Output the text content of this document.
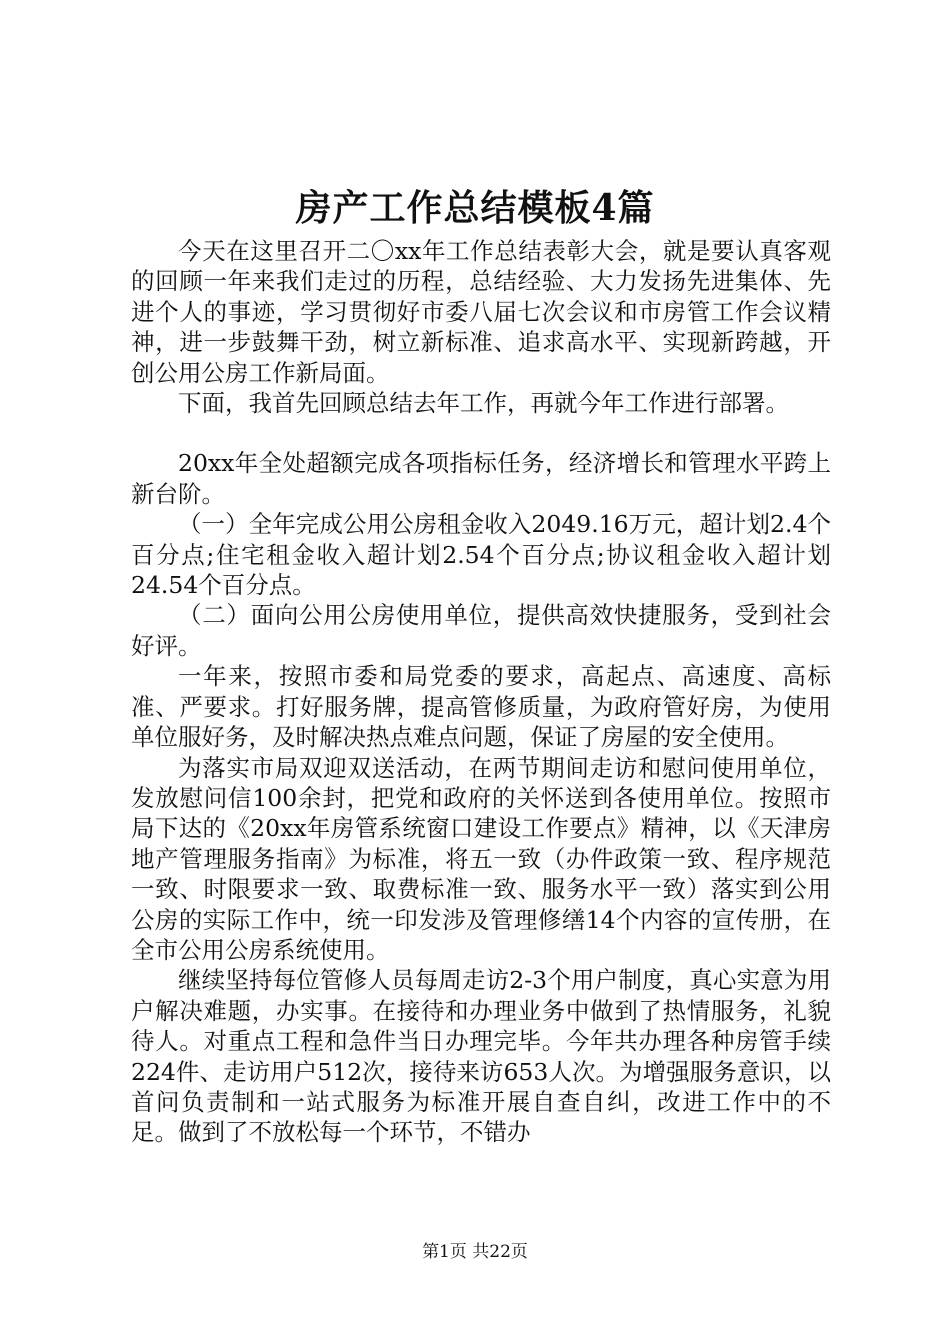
房产工作总结模板4篇

今天在这里召开二〇xx年工作总结表彰大会，就是要认真客观的回顾一年来我们走过的历程，总结经验、大力发扬先进集体、先进个人的事迹，学习贯彻好市委八届七次会议和市房管工作会议精神，进一步鼓舞干劲，树立新标准、追求高水平、实现新跨越，开创公用公房工作新局面。

下面，我首先回顾总结去年工作，再就今年工作进行部署。

20xx年全处超额完成各项指标任务，经济增长和管理水平跨上新台阶。

（一）全年完成公用公房租金收入2049.16万元，超计划2.4个百分点;住宅租金收入超计划2.54个百分点;协议租金收入超计划24.54个百分点。

（二）面向公用公房使用单位，提供高效快捷服务，受到社会好评。

一年来，按照市委和局党委的要求，高起点、高速度、高标准、严要求。打好服务牌，提高管修质量，为政府管好房，为使用单位服好务，及时解决热点难点问题，保证了房屋的安全使用。

为落实市局双迎双送活动，在两节期间走访和慰问使用单位，发放慰问信100余封，把党和政府的关怀送到各使用单位。按照市局下达的《20xx年房管系统窗口建设工作要点》精神，以《天津房地产管理服务指南》为标准，将五一致（办件政策一致、程序规范一致、时限要求一致、取费标准一致、服务水平一致）落实到公用公房的实际工作中，统一印发涉及管理修缮14个内容的宣传册，在全市公用公房系统使用。

继续坚持每位管修人员每周走访2-3个用户制度，真心实意为用户解决难题，办实事。在接待和办理业务中做到了热情服务，礼貌待人。对重点工程和急件当日办理完毕。今年共办理各种房管手续224件、走访用户512次，接待来访653人次。为增强服务意识，以首问负责制和一站式服务为标准开展自查自纠，改进工作中的不足。做到了不放松每一个环节，不错办

第1页 共22页
